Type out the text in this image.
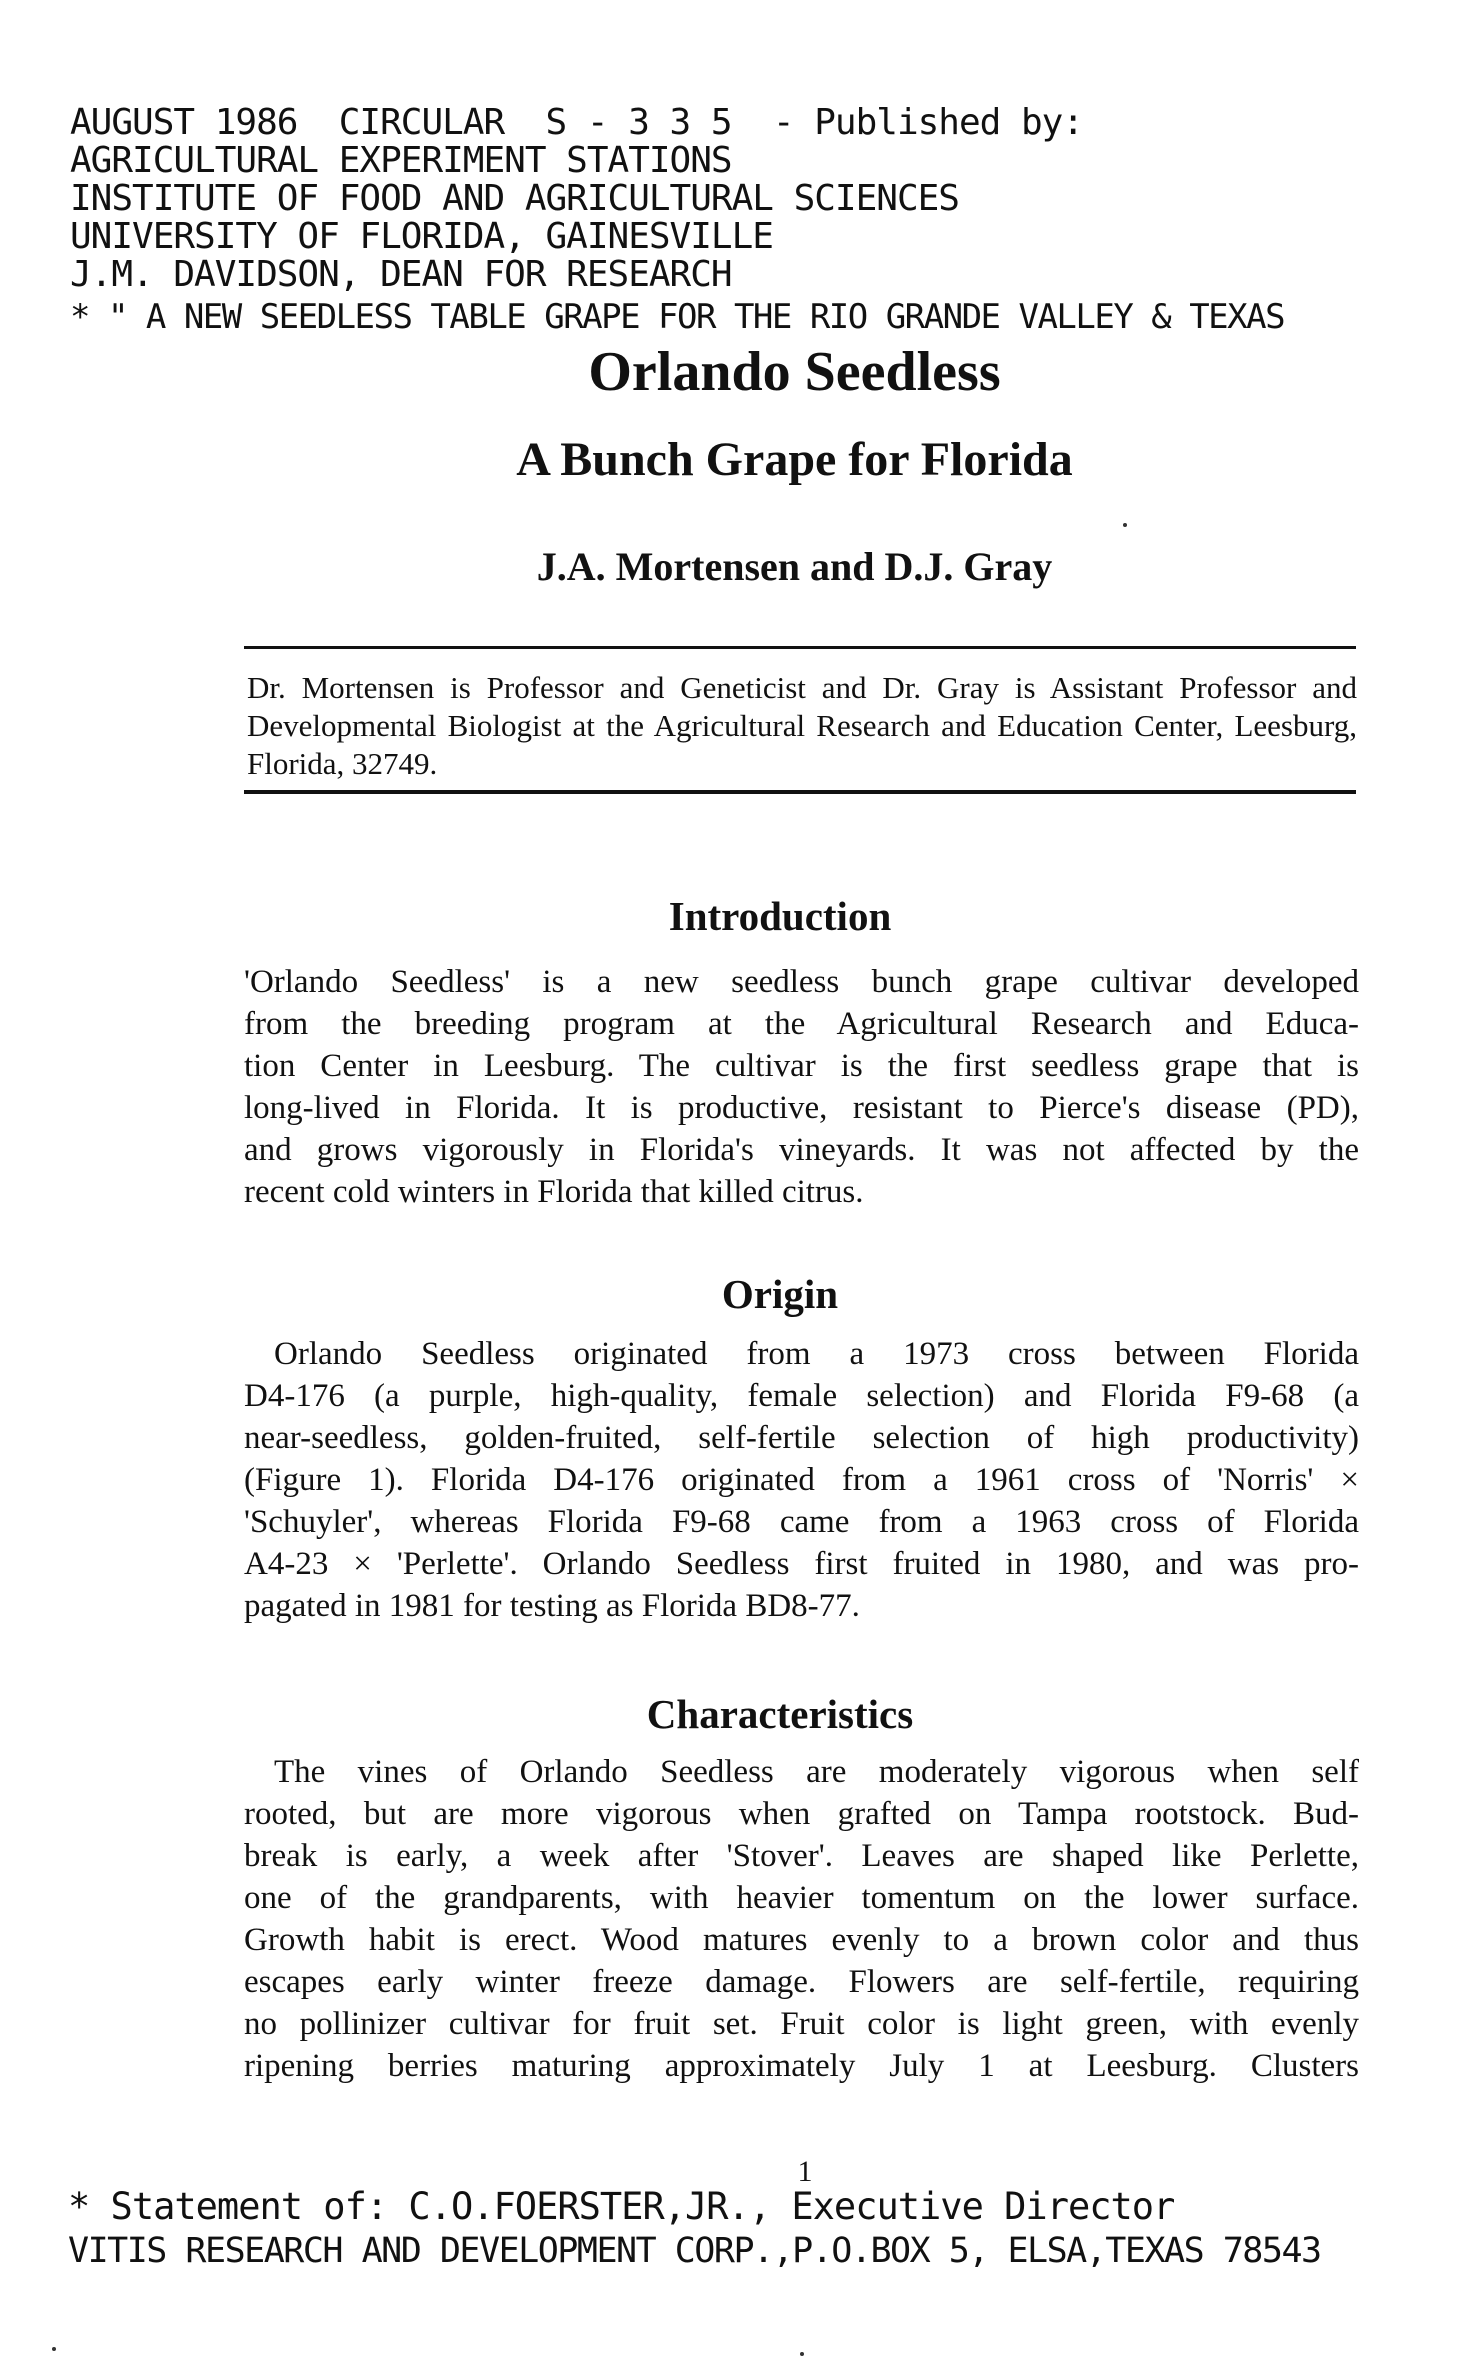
AUGUST 1986  CIRCULAR  S - 3 3 5  - Published by:
AGRICULTURAL EXPERIMENT STATIONS
INSTITUTE OF FOOD AND AGRICULTURAL SCIENCES
UNIVERSITY OF FLORIDA, GAINESVILLE
J.M. DAVIDSON, DEAN FOR RESEARCH
* " A NEW SEEDLESS TABLE GRAPE FOR THE RIO GRANDE VALLEY & TEXAS
Orlando Seedless
A Bunch Grape for Florida
J.A. Mortensen and D.J. Gray
Dr. Mortensen is Professor and Geneticist and Dr. Gray is Assistant Professor and Developmental Biologist at the Agricultural Research and Education Center, Leesburg, Florida, 32749.
Introduction
'Orlando Seedless' is a new seedless bunch grape cultivar developed
from the breeding program at the Agricultural Research and Educa-
tion Center in Leesburg. The cultivar is the first seedless grape that is
long-lived in Florida. It is productive, resistant to Pierce's disease (PD),
and grows vigorously in Florida's vineyards. It was not affected by the
recent cold winters in Florida that killed citrus.
Origin
Orlando Seedless originated from a 1973 cross between Florida
D4-176 (a purple, high-quality, female selection) and Florida F9-68 (a
near-seedless, golden-fruited, self-fertile selection of high productivity)
(Figure 1). Florida D4-176 originated from a 1961 cross of 'Norris' ×
'Schuyler', whereas Florida F9-68 came from a 1963 cross of Florida
A4-23 × 'Perlette'. Orlando Seedless first fruited in 1980, and was pro-
pagated in 1981 for testing as Florida BD8-77.
Characteristics
The vines of Orlando Seedless are moderately vigorous when self
rooted, but are more vigorous when grafted on Tampa rootstock. Bud-
break is early, a week after 'Stover'. Leaves are shaped like Perlette,
one of the grandparents, with heavier tomentum on the lower surface.
Growth habit is erect. Wood matures evenly to a brown color and thus
escapes early winter freeze damage. Flowers are self-fertile, requiring
no pollinizer cultivar for fruit set. Fruit color is light green, with evenly
ripening berries maturing approximately July 1 at Leesburg. Clusters
1
* Statement of: C.O.FOERSTER,JR., Executive Director
VITIS RESEARCH AND DEVELOPMENT CORP.,P.O.BOX 5, ELSA,TEXAS 78543
